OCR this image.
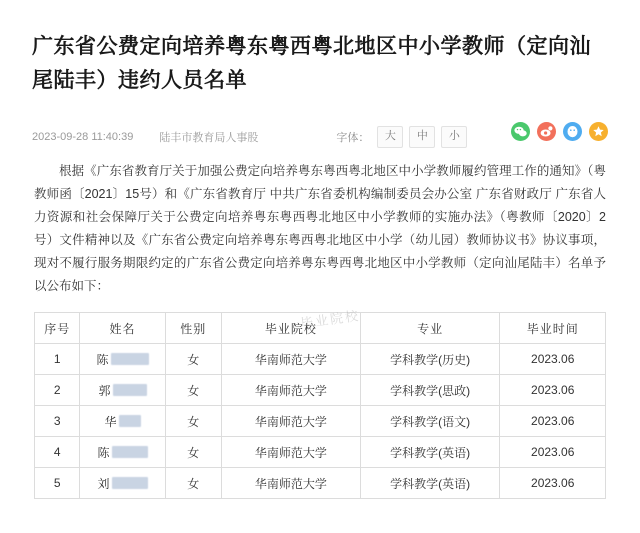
广东省公费定向培养粤东粤西粤北地区中小学教师（定向汕尾陆丰）违约人员名单
2023-09-28 11:40:39 陆丰市教育局人事股	字体：	大	中	小

根据《广东省教育厅关于加强公费定向培养粤东粤西粤北地区中小学教师履约管理工作的通知》（粤教师函〔2021〕15号）和《广东省教育厅 中共广东省委机构编制委员会办公室 广东省财政厅 广东省人力资源和社会保障厅关于公费定向培养粤东粤西粤北地区中小学教师的实施办法》（粤教师〔2020〕2号）文件精神以及《广东省公费定向培养粤东粤西粤北地区中小学（幼儿园）教师协议书》协议事项，现对不履行服务期限约定的广东省公费定向培养粤东粤西粤北地区中小学教师（定向汕尾陆丰）名单予以公布如下：

序号	姓名	性别	毕业院校	专业	毕业时间
1	陈	女	华南师范大学	学科教学(历史)	2023.06
2	郭	女	华南师范大学	学科教学(思政)	2023.06
3	华	女	华南师范大学	学科教学(语文)	2023.06
4	陈	女	华南师范大学	学科教学(英语)	2023.06
5	刘	女	华南师范大学	学科教学(英语)	2023.06
毕业院校
